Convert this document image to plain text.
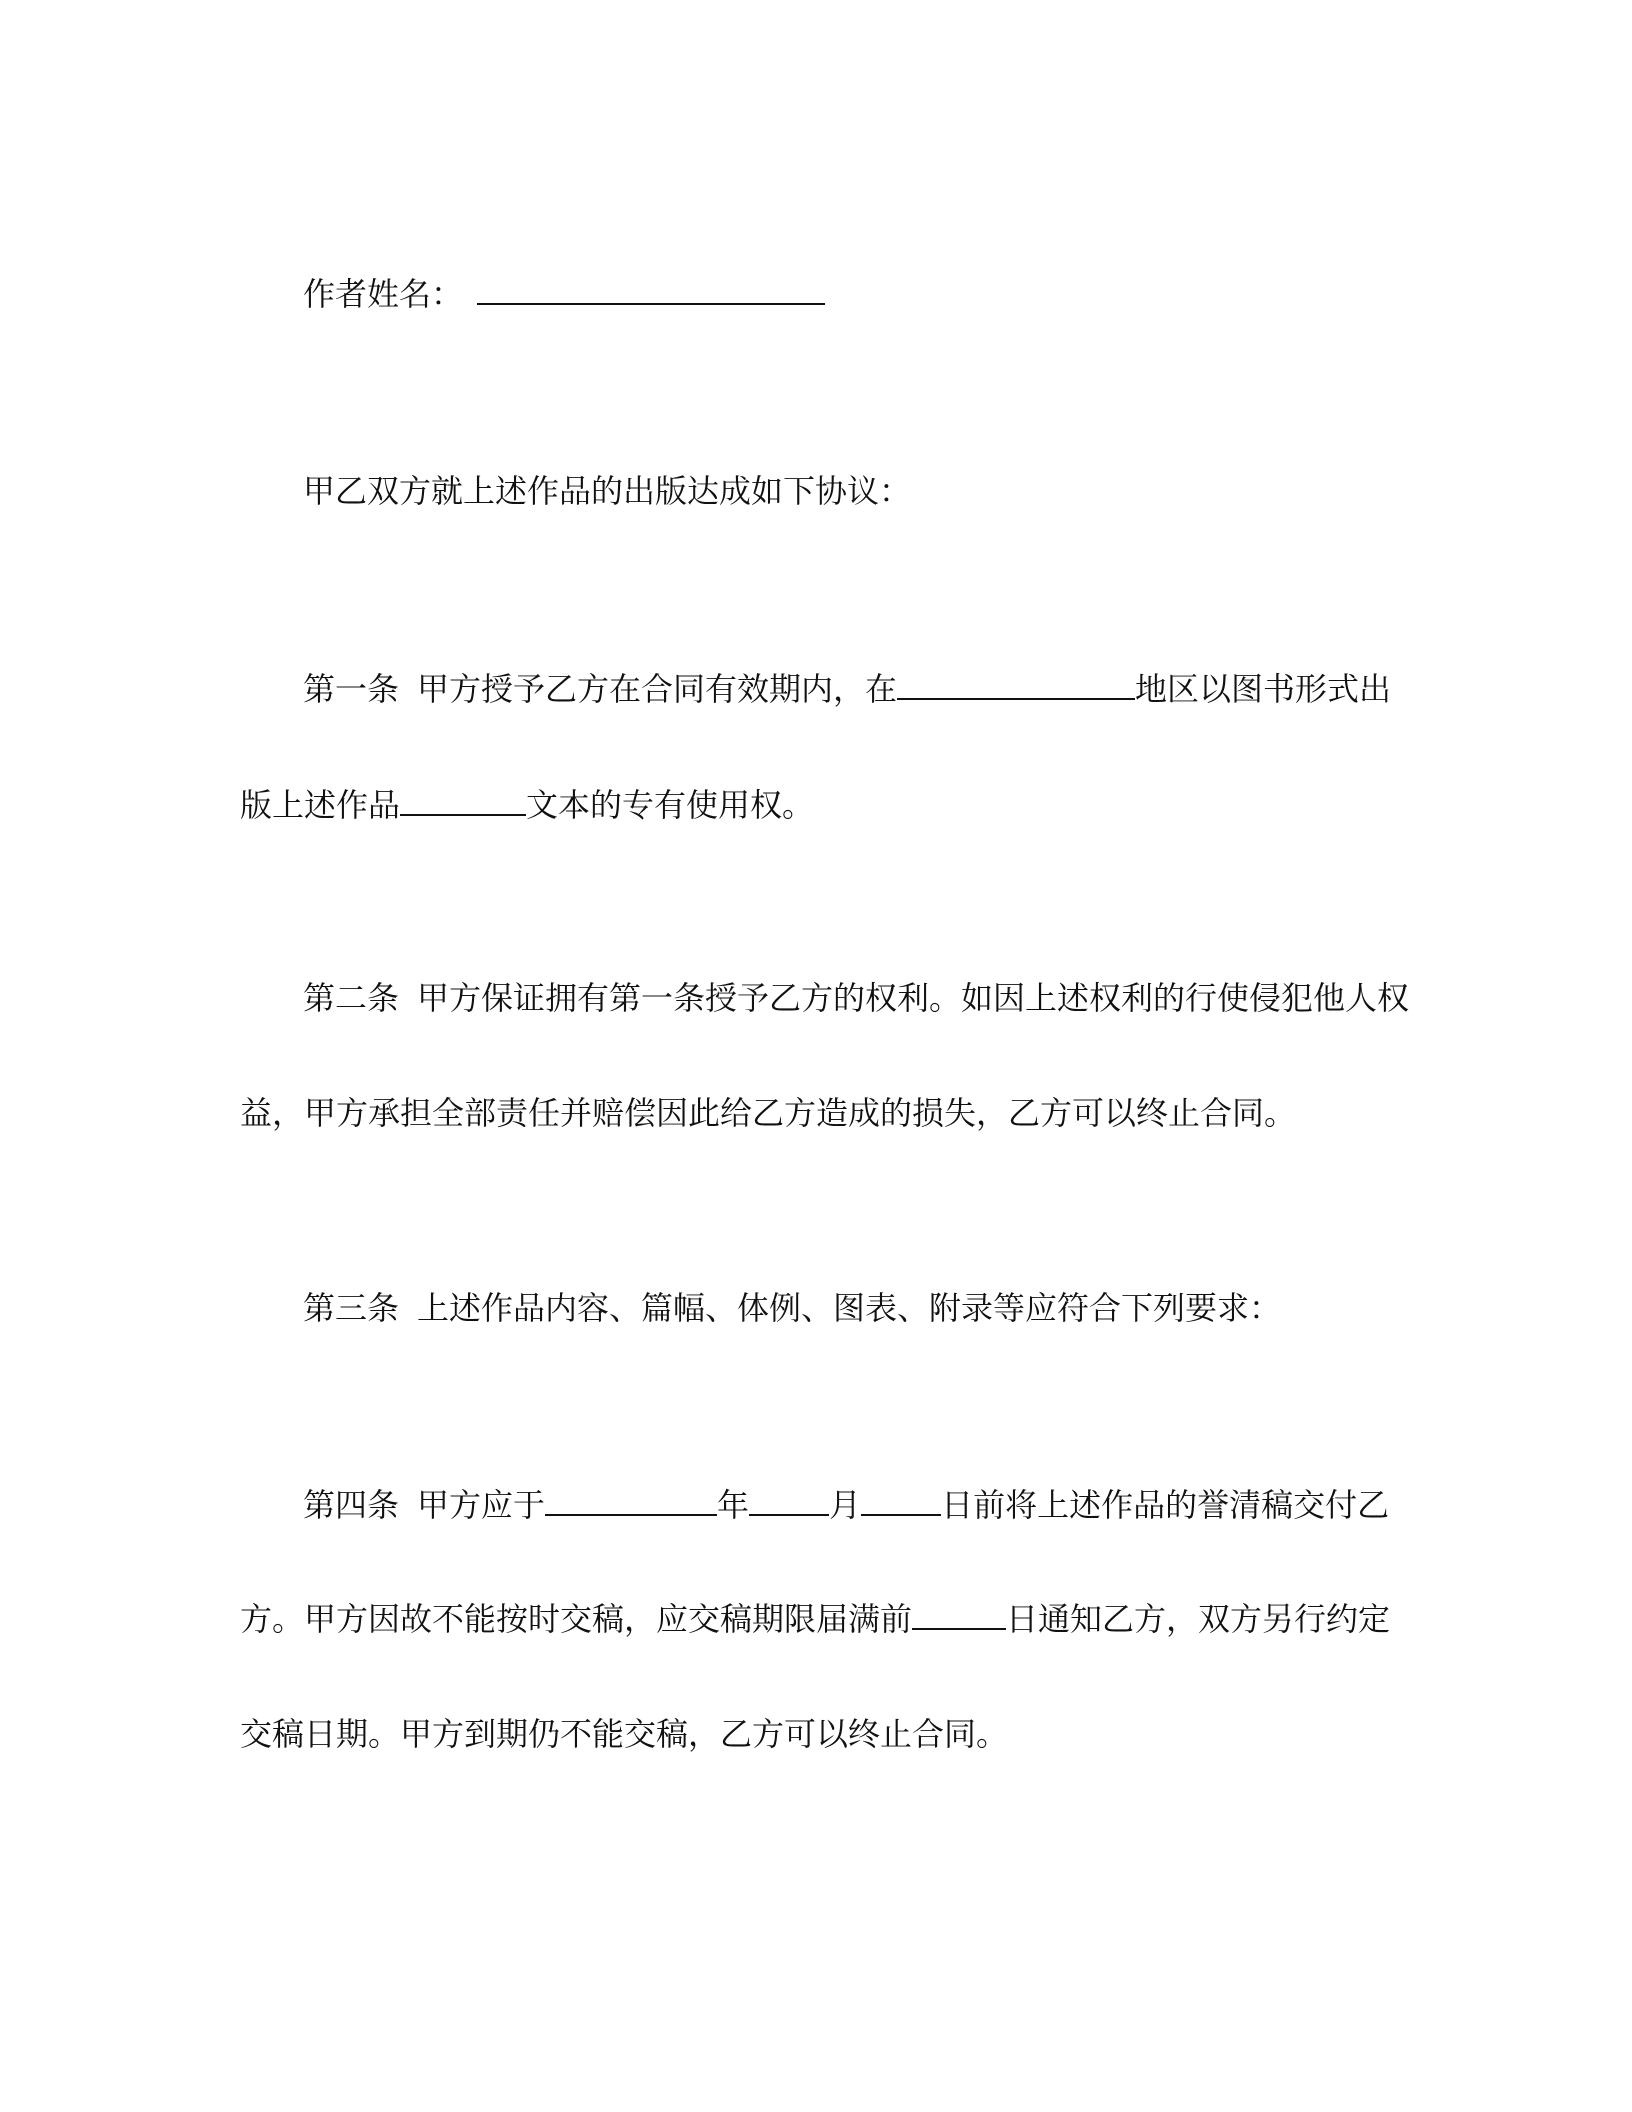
作者姓名：
甲乙双方就上述作品的出版达成如下协议：
第一条 甲方授予乙方在合同有效期内，在	地区以图书形式出
版上述作品	文本的专有使用权。
第二条 甲方保证拥有第一条授予乙方的权利。如因上述权利的行使侵犯他人权
益，甲方承担全部责任并赔偿因此给乙方造成的损失，乙方可以终止合同。
第三条 上述作品内容、篇幅、体例、图表、附录等应符合下列要求：
第四条 甲方应于	年	月	日前将上述作品的誉清稿交付乙
方。甲方因故不能按时交稿，应交稿期限届满前	日通知乙方，双方另行约定
交稿日期。甲方到期仍不能交稿，乙方可以终止合同。
